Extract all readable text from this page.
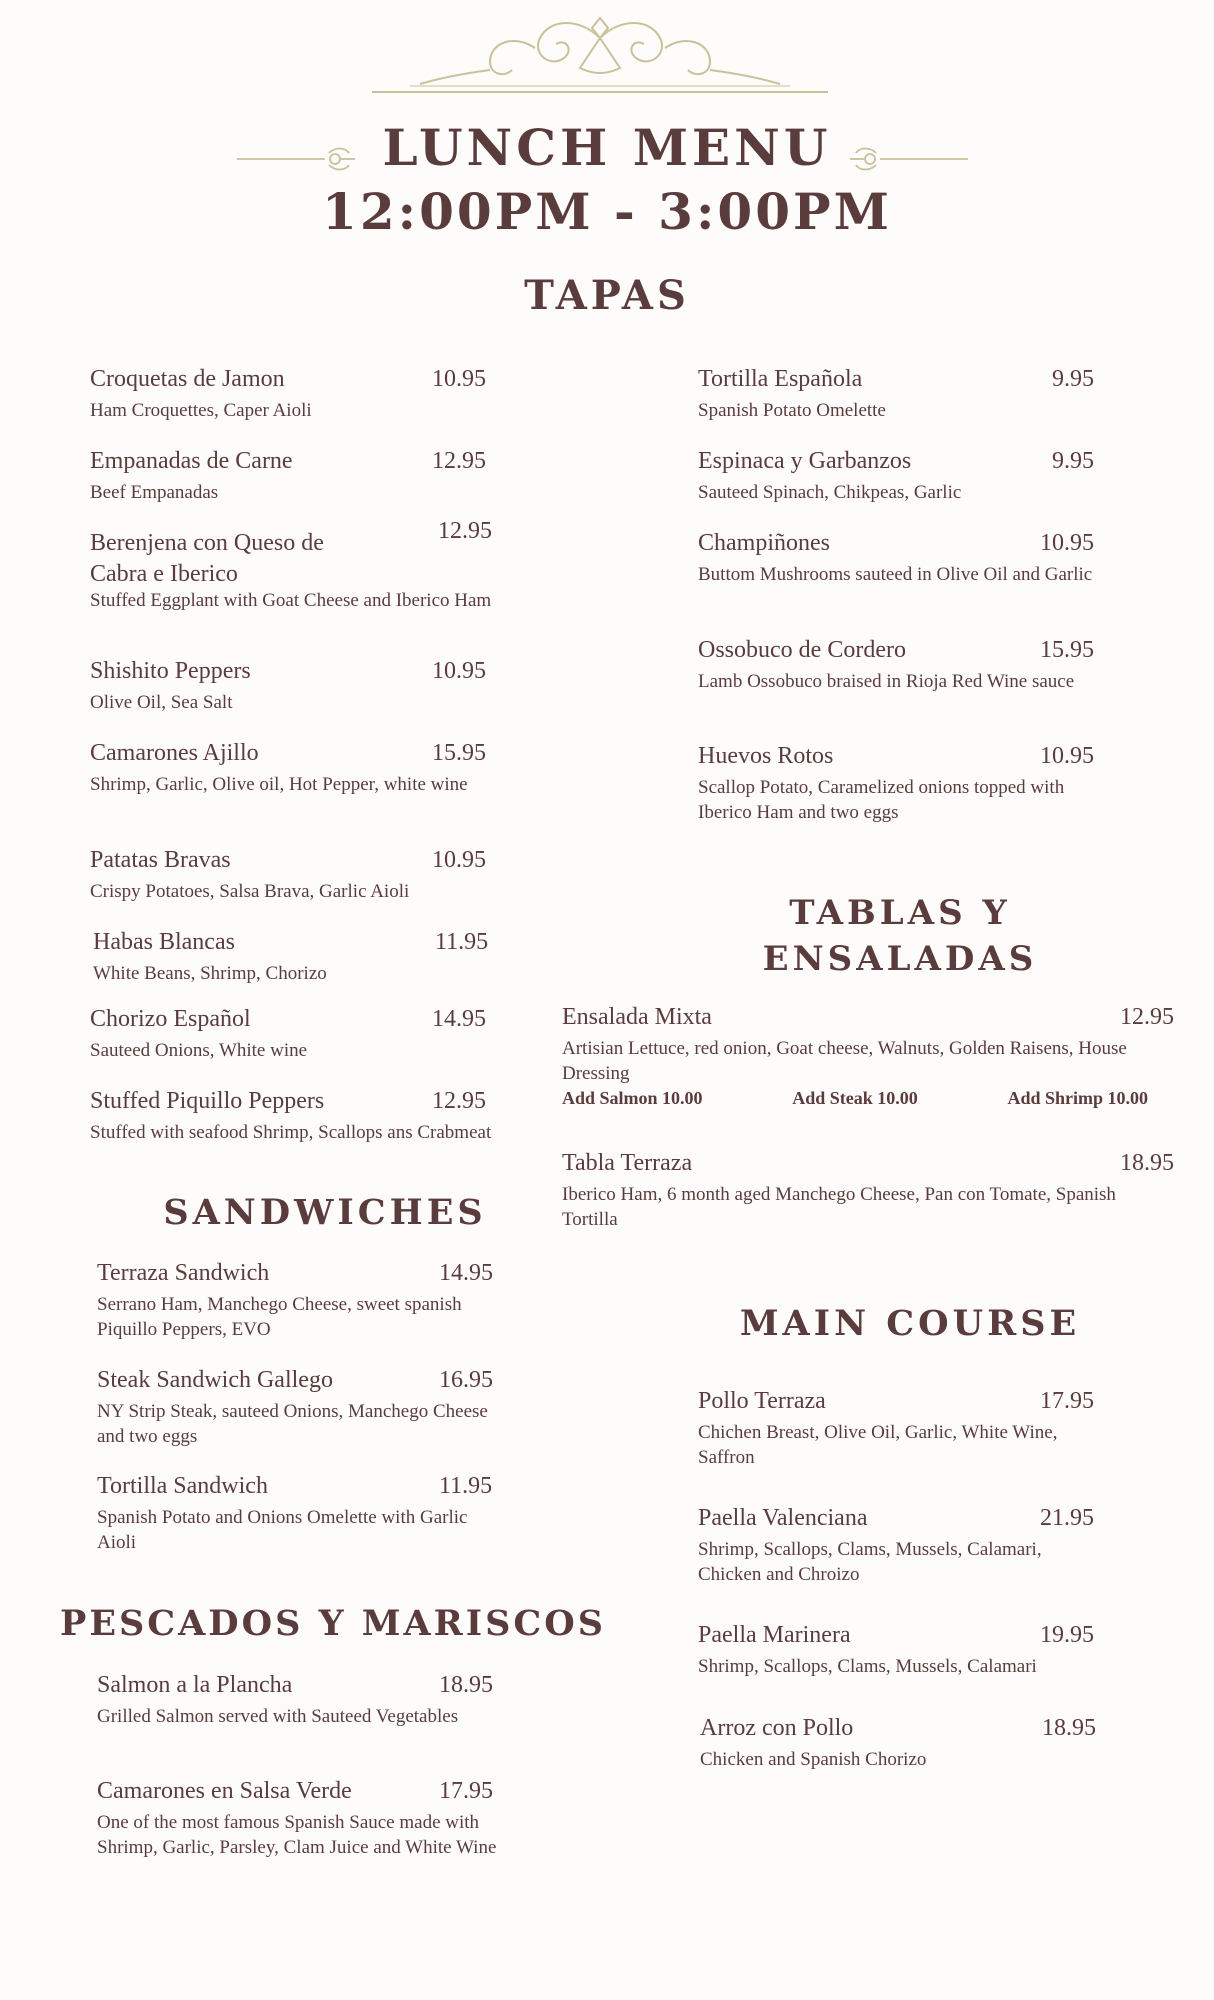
LUNCH MENU
12:00PM - 3:00PM
TAPAS
Croquetas de Jamon	10.95
Ham Croquettes, Caper Aioli
Empanadas de Carne	12.95
Beef Empanadas
Berenjena con Queso de Cabra e Iberico
12.95
Stuffed Eggplant with Goat Cheese and Iberico Ham
Shishito Peppers	10.95
Olive Oil, Sea Salt
Camarones Ajillo	15.95
Shrimp, Garlic, Olive oil, Hot Pepper, white wine
Patatas Bravas	10.95
Crispy Potatoes, Salsa Brava, Garlic Aioli
Habas Blancas	11.95
White Beans, Shrimp, Chorizo
Chorizo Español	14.95
Sauteed Onions, White wine
Stuffed Piquillo Peppers	12.95
Stuffed with seafood Shrimp, Scallops ans Crabmeat
Tortilla Española	9.95
Spanish Potato Omelette
Espinaca y Garbanzos	9.95
Sauteed Spinach, Chikpeas, Garlic
Champiñones	10.95
Buttom Mushrooms sauteed in Olive Oil and Garlic
Ossobuco de Cordero	15.95
Lamb Ossobuco braised in Rioja Red Wine sauce
Huevos Rotos	10.95
Scallop Potato, Caramelized onions topped with Iberico Ham and two eggs
TABLAS Y
ENSALADAS
Ensalada Mixta	12.95
Artisian Lettuce, red onion, Goat cheese, Walnuts, Golden Raisens, House Dressing
Add Salmon 10.00	Add Steak 10.00	Add Shrimp 10.00
Tabla Terraza	18.95
Iberico Ham, 6 month aged Manchego Cheese, Pan con Tomate, Spanish Tortilla
SANDWICHES
Terraza Sandwich	14.95
Serrano Ham, Manchego Cheese, sweet spanish Piquillo Peppers, EVO
Steak Sandwich Gallego	16.95
NY Strip Steak, sauteed Onions, Manchego Cheese and two eggs
Tortilla Sandwich	11.95
Spanish Potato and Onions Omelette with Garlic Aioli
MAIN COURSE
Pollo Terraza	17.95
Chichen Breast, Olive Oil, Garlic, White Wine, Saffron
Paella Valenciana	21.95
Shrimp, Scallops, Clams, Mussels, Calamari, Chicken and Chroizo
Paella Marinera	19.95
Shrimp, Scallops, Clams, Mussels, Calamari
Arroz con Pollo	18.95
Chicken and Spanish Chorizo
PESCADOS Y MARISCOS
Salmon a la Plancha	18.95
Grilled Salmon served with Sauteed Vegetables
Camarones en Salsa Verde	17.95
One of the most famous Spanish Sauce made with Shrimp, Garlic, Parsley, Clam Juice and White Wine
